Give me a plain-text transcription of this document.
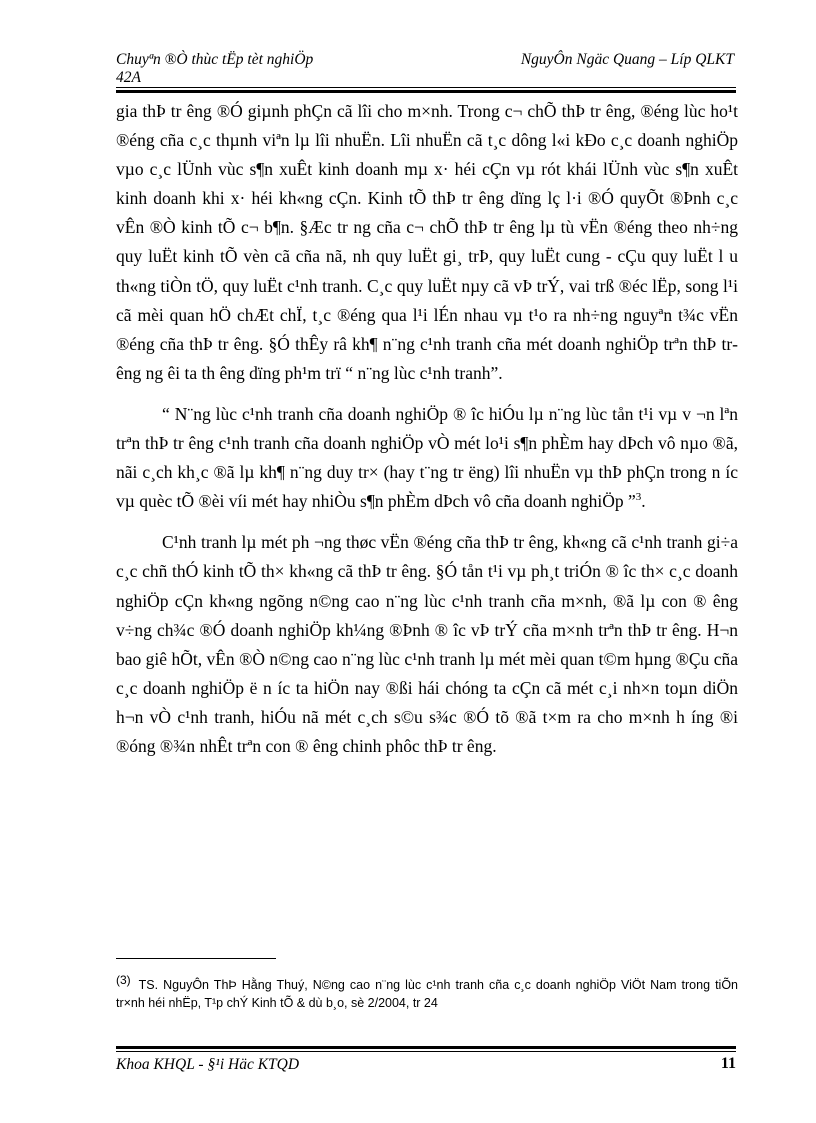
Chuyªn ®Ò thùc tËp tèt nghiÖp
42A
NguyÔn Ngäc Quang – Líp QLKT

gia thÞ tr êng ®Ó giµnh phÇn cã lîi cho m×nh. Trong c¬ chÕ thÞ tr êng, ®éng lùc ho¹t ®éng cña c¸c thµnh viªn lµ lîi nhuËn. Lîi nhuËn cã t¸c dông l«i kÐo c¸c doanh nghiÖp vµo c¸c lÜnh vùc s¶n xuÊt kinh doanh mµ x· héi cÇn vµ rót khái lÜnh vùc s¶n xuÊt kinh doanh khi x· héi kh«ng cÇn. Kinh tÕ thÞ tr êng dïng lç l·i ®Ó quyÕt ®Þnh c¸c vÊn ®Ò kinh tÕ c¬ b¶n. §Æc tr ng cña c¬ chÕ thÞ tr êng lµ tù vËn ®éng theo nh÷ng quy luËt kinh tÕ vèn cã cña nã, nh quy luËt gi¸ trÞ, quy luËt cung - cÇu quy luËt l u th«ng tiÒn tÖ, quy luËt c¹nh tranh. C¸c quy luËt nµy cã vÞ trÝ, vai trß ®éc lËp, song l¹i cã mèi quan hÖ chÆt chÏ, t¸c ®éng qua l¹i lÉn nhau vµ t¹o ra nh÷ng nguyªn t¾c vËn ®éng cña thÞ tr êng. §Ó thÊy râ kh¶ n¨ng c¹nh tranh cña mét doanh nghiÖp trªn thÞ tr êng ng êi ta th êng dïng ph¹m trï “ n¨ng lùc c¹nh tranh”.

“ N¨ng lùc c¹nh tranh cña doanh nghiÖp ® îc hiÓu lµ n¨ng lùc tån t¹i vµ v ¬n lªn trªn thÞ tr êng c¹nh tranh cña doanh nghiÖp vÒ mét lo¹i s¶n phÈm hay dÞch vô nµo ®ã, nãi c¸ch kh¸c ®ã lµ kh¶ n¨ng duy tr× (hay t¨ng tr ëng) lîi nhuËn vµ thÞ phÇn trong n íc vµ quèc tÕ ®èi víi mét hay nhiÒu s¶n phÈm dÞch vô cña doanh nghiÖp ”$^3$.

C¹nh tranh lµ mét ph ¬ng thøc vËn ®éng cña thÞ tr êng, kh«ng cã c¹nh tranh gi÷a c¸c chñ thÓ kinh tÕ th× kh«ng cã thÞ tr êng. §Ó tån t¹i vµ ph¸t triÓn ® îc th× c¸c doanh nghiÖp cÇn kh«ng ngõng n©ng cao n¨ng lùc c¹nh tranh cña m×nh, ®ã lµ con ® êng v÷ng ch¾c ®Ó doanh nghiÖp kh¼ng ®Þnh ® îc vÞ trÝ cña m×nh trªn thÞ tr êng. H¬n bao giê hÕt, vÊn ®Ò n©ng cao n¨ng lùc c¹nh tranh lµ mét mèi quan t©m hµng ®Çu cña c¸c doanh nghiÖp ë n íc ta hiÖn nay ®ßi hái chóng ta cÇn cã mét c¸i nh×n toµn diÖn h¬n vÒ c¹nh tranh, hiÓu nã mét c¸ch s©u s¾c ®Ó tõ ®ã t×m ra cho m×nh h íng ®i ®óng ®¾n nhÊt trªn con ® êng chinh phôc thÞ tr êng.

$^{(3)}$ TS. NguyÔn ThÞ Hằng Thuý, N©ng cao n¨ng lùc c¹nh tranh cña c¸c doanh nghiÖp ViÖt Nam trong tiÕn tr×nh héi nhËp, T¹p chÝ Kinh tÕ & dù b¸o, sè 2/2004, tr 24
Khoa KHQL - §¹i Häc KTQD	11
